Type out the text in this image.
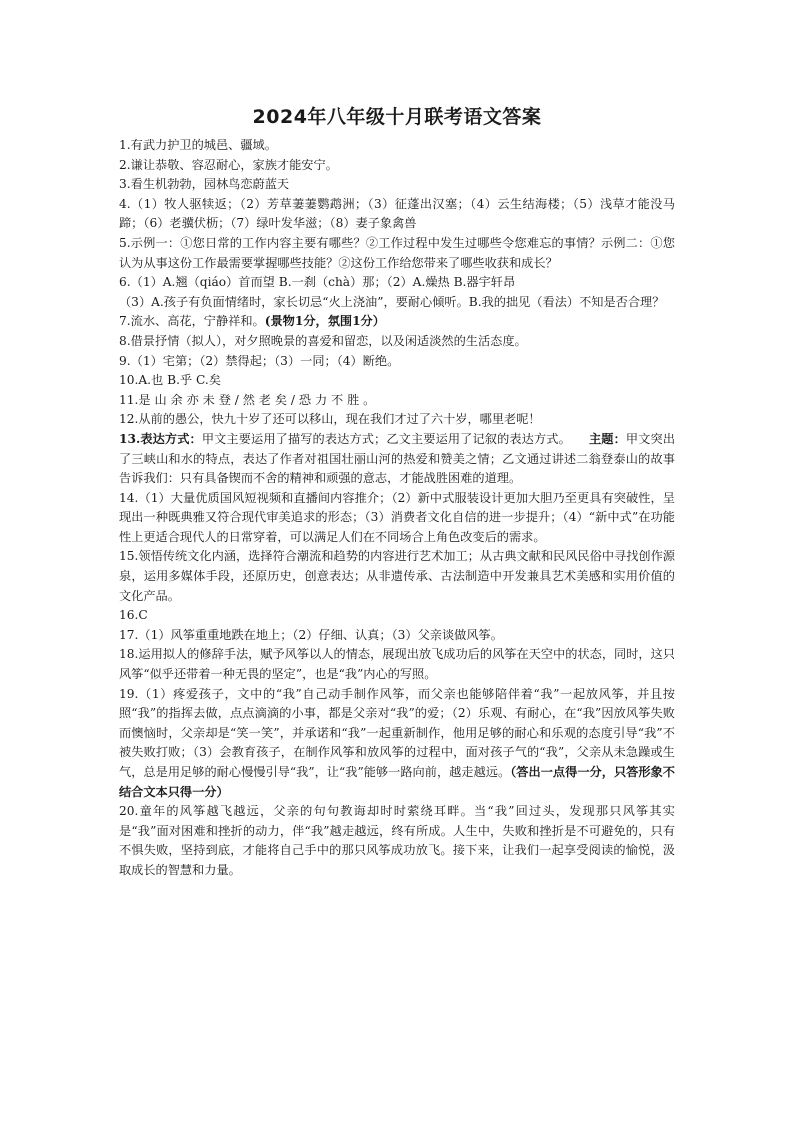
2024年八年级十月联考语文答案

1.有武力护卫的城邑、疆域。

2.谦让恭敬、容忍耐心，家族才能安宁。

3.看生机勃勃，园林鸟恋蔚蓝天

4.（1）牧人驱犊返；（2）芳草萋萋鹦鹉洲；（3）征蓬出汉塞；（4）云生结海楼；（5）浅草才能没马蹄；（6）老骥伏枥；（7）绿叶发华滋；（8）妻子象禽兽

5.示例一：①您日常的工作内容主要有哪些？②工作过程中发生过哪些令您难忘的事情？示例二：①您认为从事这份工作最需要掌握哪些技能？②这份工作给您带来了哪些收获和成长？

6.（1）A.翘（qiáo）首而望 B.一刹（chà）那；（2）A.燥热 B.器宇轩昂

（3）A.孩子有负面情绪时，家长切忌“火上浇油”，要耐心倾听。B.我的拙见（看法）不知是否合理？

7.流水、高花，宁静祥和。(景物1分，氛围1分）

8.借景抒情（拟人），对夕照晚景的喜爱和留恋，以及闲适淡然的生活态度。

9.（1）宅第；（2）禁得起；（3）一同；（4）断绝。

10.A.也 B.乎 C.矣

11.是 山 余 亦 未 登 / 然 老 矣 / 恐 力 不 胜 。

12.从前的愚公，快九十岁了还可以移山，现在我们才过了六十岁，哪里老呢！

13.表达方式：甲文主要运用了描写的表达方式；乙文主要运用了记叙的表达方式。 主题：甲文突出了三峡山和水的特点，表达了作者对祖国壮丽山河的热爱和赞美之情；乙文通过讲述二翁登泰山的故事告诉我们：只有具备锲而不舍的精神和顽强的意志，才能战胜困难的道理。

14.（1）大量优质国风短视频和直播间内容推介；（2）新中式服装设计更加大胆乃至更具有突破性，呈现出一种既典雅又符合现代审美追求的形态；（3）消费者文化自信的进一步提升；（4）“新中式”在功能性上更适合现代人的日常穿着，可以满足人们在不同场合上角色改变后的需求。

15.领悟传统文化内涵，选择符合潮流和趋势的内容进行艺术加工；从古典文献和民风民俗中寻找创作源泉，运用多媒体手段，还原历史，创意表达；从非遗传承、古法制造中开发兼具艺术美感和实用价值的文化产品。

16.C

17.（1）风筝重重地跌在地上；（2）仔细、认真；（3）父亲谈做风筝。

18.运用拟人的修辞手法，赋予风筝以人的情态，展现出放飞成功后的风筝在天空中的状态，同时，这只风筝“似乎还带着一种无畏的坚定”，也是“我”内心的写照。

19.（1）疼爱孩子，文中的“我”自己动手制作风筝，而父亲也能够陪伴着“我”一起放风筝，并且按照“我”的指挥去做，点点滴滴的小事，都是父亲对“我”的爱；（2）乐观、有耐心，在“我”因放风筝失败而懊恼时，父亲却是“笑一笑”，并承诺和“我”一起重新制作，他用足够的耐心和乐观的态度引导“我”不被失败打败；（3）会教育孩子，在制作风筝和放风筝的过程中，面对孩子气的“我”，父亲从未急躁或生气，总是用足够的耐心慢慢引导“我”，让“我”能够一路向前，越走越远。（答出一点得一分，只答形象不结合文本只得一分）

20.童年的风筝越飞越远，父亲的句句教诲却时时萦绕耳畔。当“我”回过头，发现那只风筝其实是“我”面对困难和挫折的动力，伴“我”越走越远，终有所成。人生中，失败和挫折是不可避免的，只有不惧失败，坚持到底，才能将自己手中的那只风筝成功放飞。接下来，让我们一起享受阅读的愉悦，汲取成长的智慧和力量。
